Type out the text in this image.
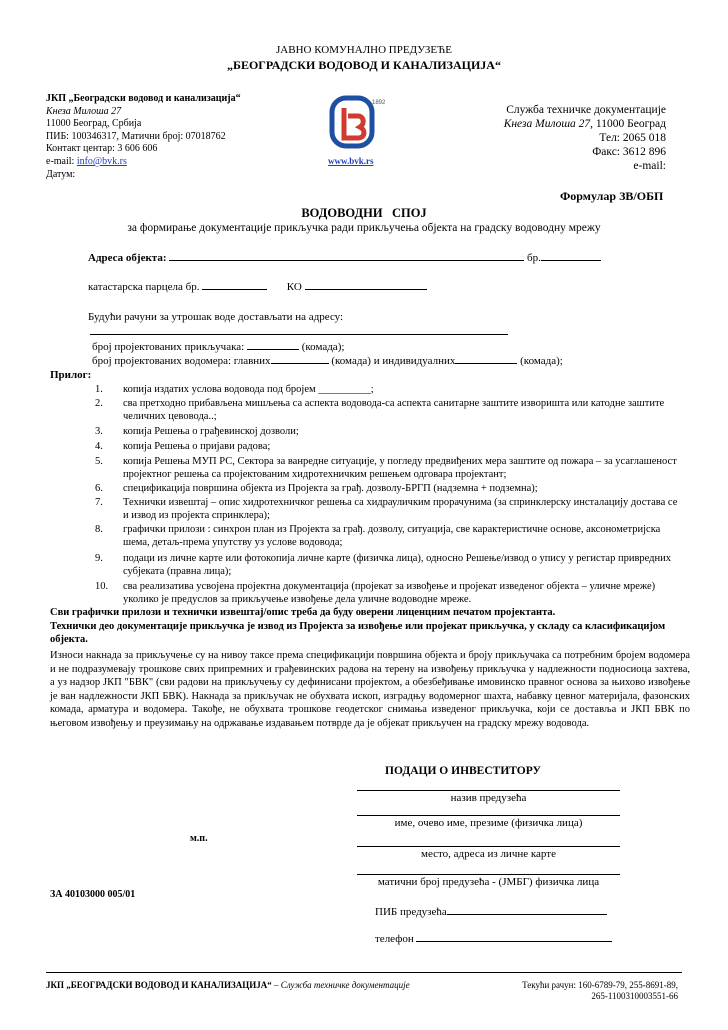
ЈАВНО КОМУНАЛНО ПРЕДУЗЕЋЕ
„БЕОГРАДСКИ ВОДОВОД И КАНАЛИЗАЦИЈА“
ЈКП „Београдски водовод и канализација“
Кнеза Милоша 27
11000 Београд, Србија
ПИБ: 100346317, Матични број: 07018762
Контакт центар: 3 606 606
e-mail: info@bvk.rs
Датум:
1892
www.bvk.rs
Служба техничке документације
Кнеза Милоша 27, 11000 Београд
Тел: 2065 018
Факс: 3612 896
e-mail:
Формулар ЗВ/ОБП
ВОДОВОДНИ   СПОЈ
за формирање документације прикључка ради прикључења објекта на градску водоводну мрежу
Адреса објекта:	бр.
катастарска парцела бр.	КО
Будући рачуни за утрошак воде достављати на адресу:
број пројектованих прикључака:	(комада);
број пројектованих водомера: главних	(комада) и индивидуалних	(комада);
Прилог:
1.	копија издатих услова водовода под бројем __________;
2.	сва претходно прибављена мишљења са аспекта водовода-са аспекта санитарне заштите изворишта или катодне заштите челичних цевовода..;
3.	копија Решења о грађевинској дозволи;
4.	копија Решења о пријави радова;
5.	копија Решења МУП РС, Сектора за ванредне ситуације, у погледу предвиђених мера заштите од пожара – за усаглашеност пројектног решења са пројектованим хидротехничким решењем одговара пројектант;
6.	спецификација површина објекта из Пројекта за грађ. дозволу-БРГП (надземна + подземна);
7.	Технички извештај – опис хидротехничког решења са хидрауличким прорачунима (за спринклерску инсталацију достава се и извод из пројекта спринклера);
8.	графички прилози : синхрон план из Пројекта за грађ. дозволу, ситуација, све карактеристичне основе, аксонометријска шема, детаљ-према упутству уз услове водовода;
9.	подаци из личне карте или фотокопија личне карте (физичка лица), односно Решење/извод о упису у регистар привредних субјеката (правна лица);
10.	сва реализатива усвојена пројектна документација (пројекат за извођење и пројекат изведеног објекта – уличне мреже) уколико је предуслов за прикључење извођење дела уличне водоводне мреже.
Сви графички прилози и технички извештај/опис треба да буду оверени лиценцним печатом пројектанта.
Технички део документације прикључка је извод из Пројекта за извођење или пројекат прикључка, у складу са класификацијом објекта.
Износи накнада за прикључење су на нивоу таксе према спецификацији површина објекта и броју прикључака са потребним бројем водомера и не подразумевају трошкове свих припремних и грађевинских радова на терену на извођењу прикључка у надлежности подносиоца захтева, а уз надзор ЈКП "БВК" (сви радови на прикључењу су дефинисани пројектом, а обезбеђивање имовинско правног основа за њихово извођење је ван надлежности ЈКП БВК). Накнада за прикључак не обухвата ископ, изградњу водомерног шахта, набавку цевног материјала, фазонских комада, арматура и водомера. Такође, не обухвата трошкове геодетског снимања изведеног прикључка, који се доставља и ЈКП БВК по његовом извођењу и преузимању на одржавање издавањем потврде да је објекат прикључен на градску мрежу водовода.
ПОДАЦИ О ИНВЕСТИТОРУ
назив предузећа
име, очево име, презиме (физичка лица)
м.п.
место, адреса из личне карте
матични број предузећа - (ЈМБГ) физичка лица
ЗА 40103000 005/01
ПИБ предузећа
телефон
ЈКП „БЕОГРАДСКИ ВОДОВОД И КАНАЛИЗАЦИЈА“ – Служба техничке документације	Текући рачун: 160-6789-79, 255-8691-89,
265-1100310003551-66
